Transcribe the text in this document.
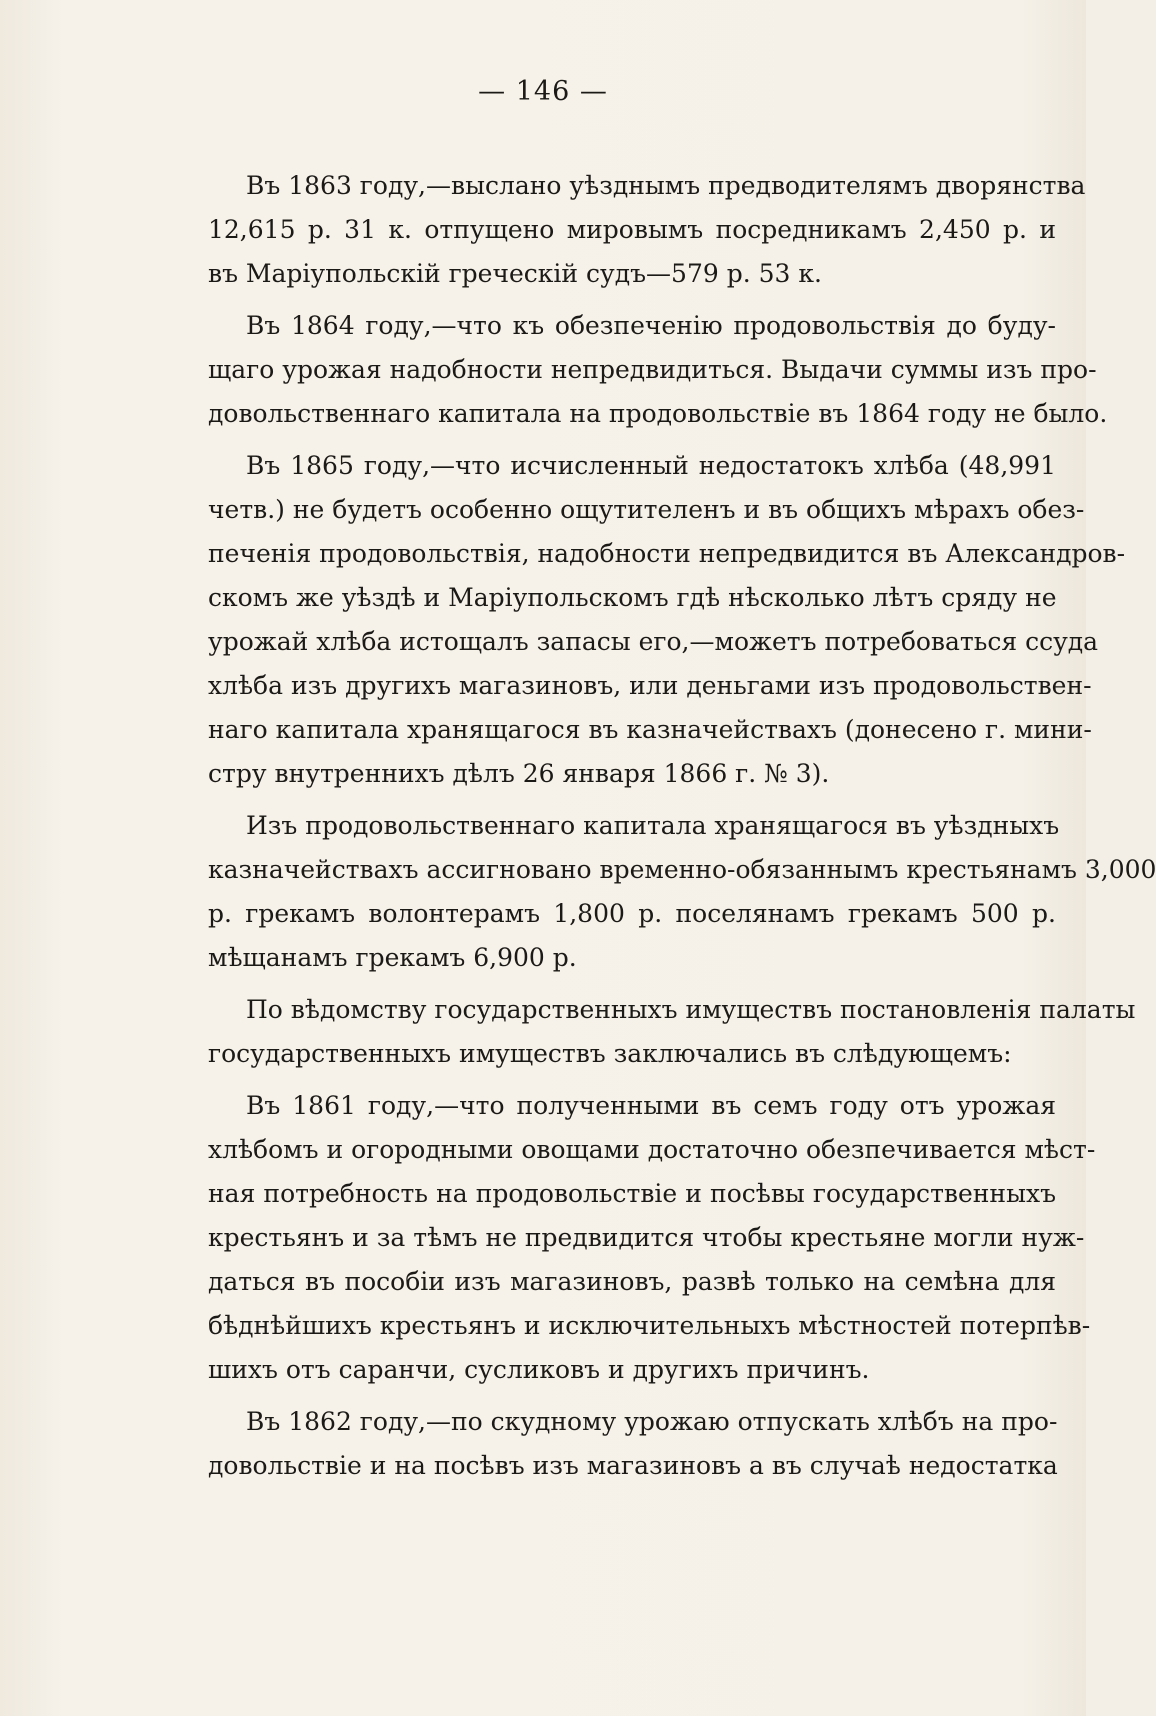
— 146 —
Въ 1863 году,—выслано уѣзднымъ предводителямъ дворянства
12,615 р. 31 к. отпущено мировымъ посредникамъ 2,450 р. и
въ Маріупольскій греческій судъ—579 р. 53 к.
Въ 1864 году,—что къ обезпеченію продовольствія до буду-
щаго урожая надобности непредвидиться. Выдачи суммы изъ про-
довольственнаго капитала на продовольствіе въ 1864 году не было.
Въ 1865 году,—что исчисленный недостатокъ хлѣба (48,991
четв.) не будетъ особенно ощутителенъ и въ общихъ мѣрахъ обез-
печенія продовольствія, надобности непредвидится въ Александров-
скомъ же уѣздѣ и Маріупольскомъ гдѣ нѣсколько лѣтъ сряду не
урожай хлѣба истощалъ запасы его,—можетъ потребоваться ссуда
хлѣба изъ другихъ магазиновъ, или деньгами изъ продовольствен-
наго капитала хранящагося въ казначействахъ (донесено г. мини-
стру внутреннихъ дѣлъ 26 января 1866 г. № 3).
Изъ продовольственнаго капитала хранящагося въ уѣздныхъ
казначействахъ ассигновано временно-обязаннымъ крестьянамъ 3,000
р. грекамъ волонтерамъ 1,800 р. поселянамъ грекамъ 500 р.
мѣщанамъ грекамъ 6,900 р.
По вѣдомству государственныхъ имуществъ постановленія палаты
государственныхъ имуществъ заключались въ слѣдующемъ:
Въ 1861 году,—что полученными въ семъ году отъ урожая
хлѣбомъ и огородными овощами достаточно обезпечивается мѣст-
ная потребность на продовольствіе и посѣвы государственныхъ
крестьянъ и за тѣмъ не предвидится чтобы крестьяне могли нуж-
даться въ пособіи изъ магазиновъ, развѣ только на семѣна для
бѣднѣйшихъ крестьянъ и исключительныхъ мѣстностей потерпѣв-
шихъ отъ саранчи, сусликовъ и другихъ причинъ.
Въ 1862 году,—по скудному урожаю отпускать хлѣбъ на про-
довольствіе и на посѣвъ изъ магазиновъ а въ случаѣ недостатка
